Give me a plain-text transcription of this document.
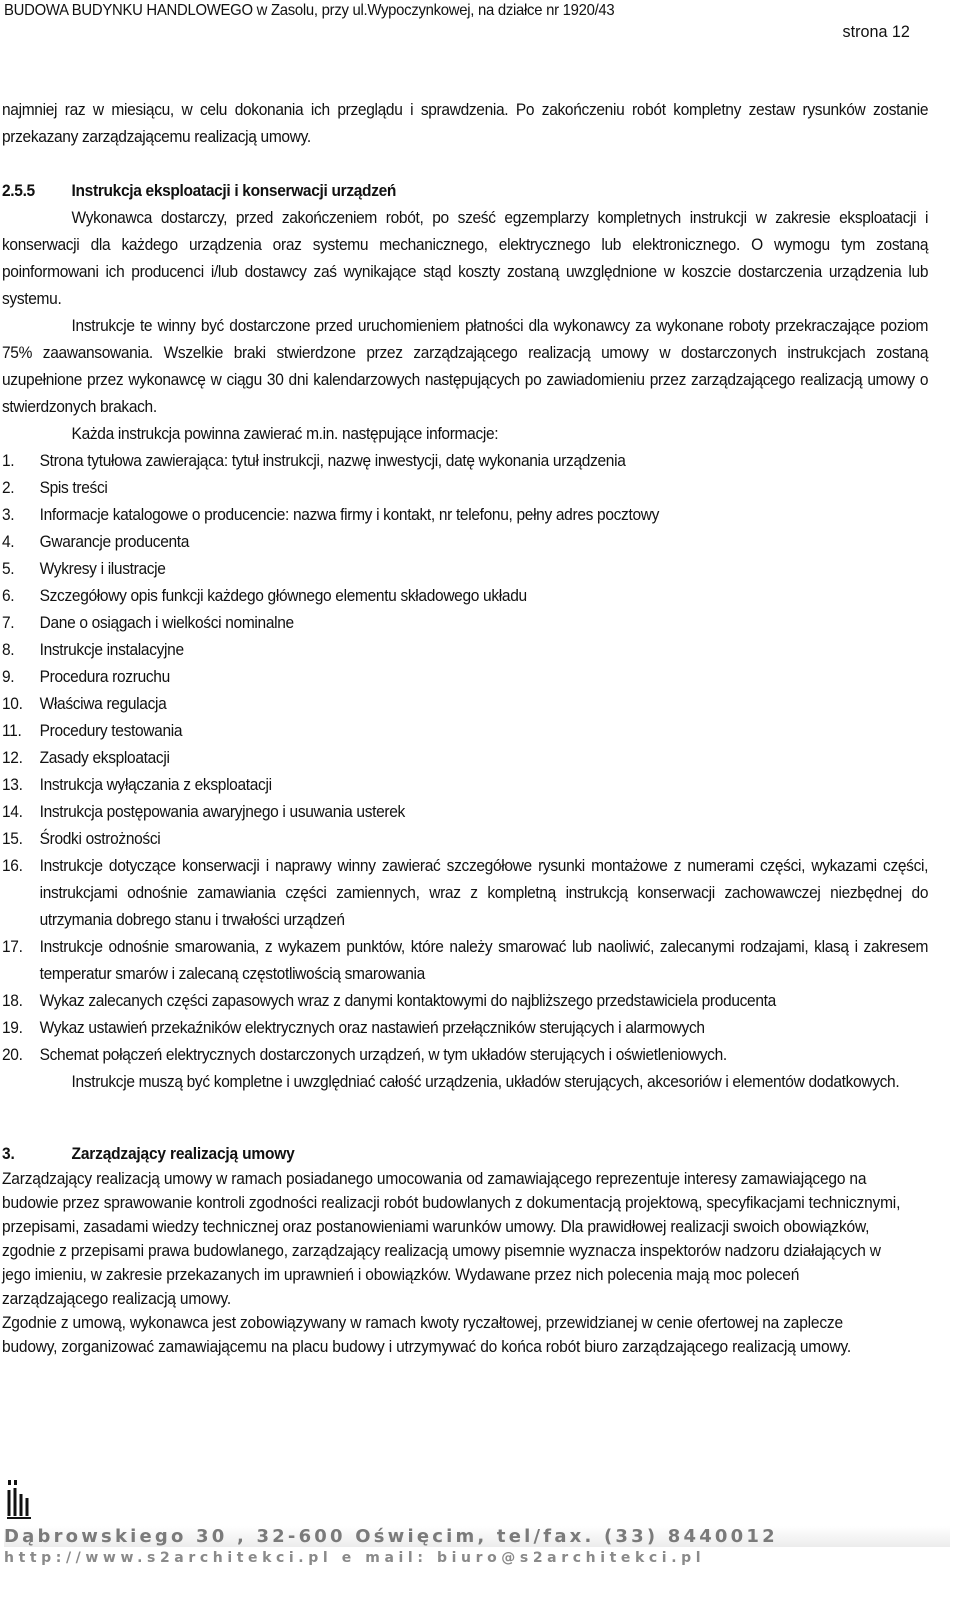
BUDOWA BUDYNKU HANDLOWEGO w Zasolu, przy ul.Wypoczynkowej, na działce nr 1920/43
strona 12

najmniej raz w miesiącu, w celu dokonania ich przeglądu i sprawdzenia. Po zakończeniu robót kompletny zestaw rysunków zostanie przekazany zarządzającemu realizacją umowy.

2.5.5	Instrukcja eksploatacji i konserwacji urządzeń

Wykonawca dostarczy, przed zakończeniem robót, po sześć egzemplarzy kompletnych instrukcji w zakresie eksploatacji i konserwacji dla każdego urządzenia oraz systemu mechanicznego, elektrycznego lub elektronicznego. O wymogu tym zostaną poinformowani ich producenci i/lub dostawcy zaś wynikające stąd koszty zostaną uwzględnione w koszcie dostarczenia urządzenia lub systemu.

Instrukcje te winny być dostarczone przed uruchomieniem płatności dla wykonawcy za wykonane roboty przekraczające poziom 75% zaawansowania. Wszelkie braki stwierdzone przez zarządzającego realizacją umowy w dostarczonych instrukcjach zostaną uzupełnione przez wykonawcę w ciągu 30 dni kalendarzowych następujących po zawiadomieniu przez zarządzającego realizacją umowy o stwierdzonych brakach.

Każda instrukcja powinna zawierać m.in. następujące informacje:

1.	Strona tytułowa zawierająca: tytuł instrukcji, nazwę inwestycji, datę wykonania urządzenia
2.	Spis treści
3.	Informacje katalogowe o producencie: nazwa firmy i kontakt, nr telefonu, pełny adres pocztowy
4.	Gwarancje producenta
5.	Wykresy i ilustracje
6.	Szczegółowy opis funkcji każdego głównego elementu składowego układu
7.	Dane o osiągach i wielkości nominalne
8.	Instrukcje instalacyjne
9.	Procedura rozruchu
10.	Właściwa regulacja
11.	Procedury testowania
12.	Zasady eksploatacji
13.	Instrukcja wyłączania z eksploatacji
14.	Instrukcja postępowania awaryjnego i usuwania usterek
15.	Środki ostrożności
16.	Instrukcje dotyczące konserwacji i naprawy winny zawierać szczegółowe rysunki montażowe z numerami części, wykazami części, instrukcjami odnośnie zamawiania części zamiennych, wraz z kompletną instrukcją konserwacji zachowawczej niezbędnej do utrzymania dobrego stanu i trwałości urządzeń
17.	Instrukcje odnośnie smarowania, z wykazem punktów, które należy smarować lub naoliwić, zalecanymi rodzajami, klasą i zakresem temperatur smarów i zalecaną częstotliwością smarowania
18.	Wykaz zalecanych części zapasowych wraz z danymi kontaktowymi do najbliższego przedstawiciela producenta
19.	Wykaz ustawień przekaźników elektrycznych oraz nastawień przełączników sterujących i alarmowych
20.	Schemat połączeń elektrycznych dostarczonych urządzeń, w tym układów sterujących i oświetleniowych.

Instrukcje muszą być kompletne i uwzględniać całość urządzenia, układów sterujących, akcesoriów i elementów dodatkowych.

3.	Zarządzający realizacją umowy

Zarządzający realizacją umowy w ramach posiadanego umocowania od zamawiającego reprezentuje interesy zamawiającego na budowie przez sprawowanie kontroli zgodności realizacji robót budowlanych z dokumentacją projektową, specyfikacjami technicznymi, przepisami, zasadami wiedzy technicznej oraz postanowieniami warunków umowy. Dla prawidłowej realizacji swoich obowiązków, zgodnie z przepisami prawa budowlanego, zarządzający realizacją umowy pisemnie wyznacza inspektorów nadzoru działających w jego imieniu, w zakresie przekazanych im uprawnień i obowiązków. Wydawane przez nich polecenia mają moc poleceń zarządzającego realizacją umowy.

Zgodnie z umową, wykonawca jest zobowiązywany w ramach kwoty ryczałtowej, przewidzianej w cenie ofertowej na zaplecze budowy, zorganizować zamawiającemu na placu budowy i utrzymywać do końca robót biuro zarządzającego realizacją umowy.

Dąbrowskiego 30 , 32-600 Oświęcim, tel/fax. (33) 8440012
http://www.s2architekci.pl e mail: biuro@s2architekci.pl
